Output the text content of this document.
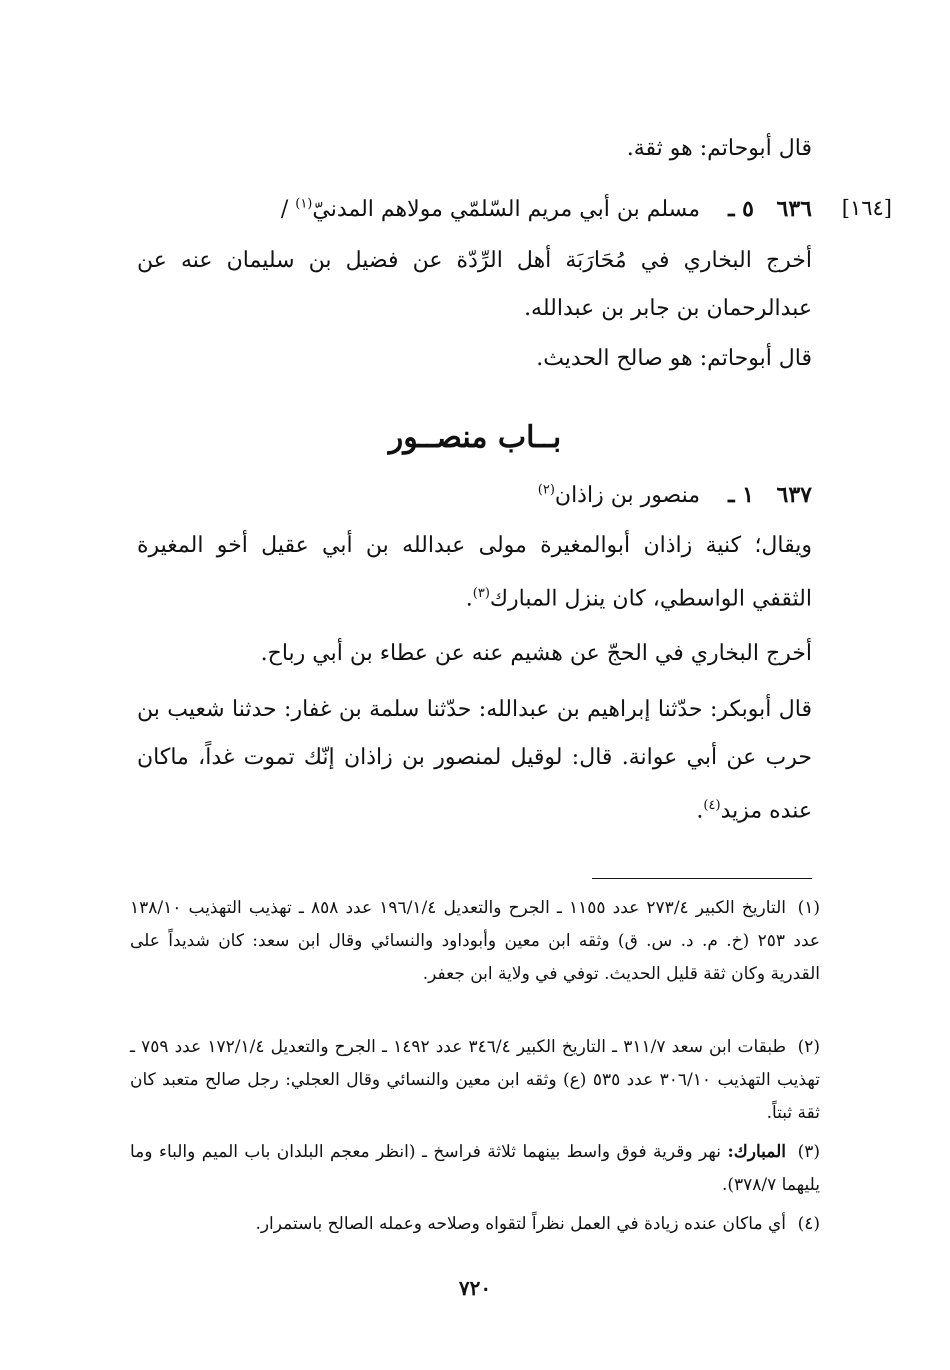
قال أبوحاتم: هو ثقة.
[١٦٤]
٦٣٦
٥ ـ  مسلم بن أبي مريم السّلمّي مولاهم المدنيّ$^{(١)}$ /
أخرج البخاري في مُحَارَبَة أهل الرِّدّة عن فضيل بن سليمان عنه عن عبدالرحمان بن جابر بن عبدالله.
قال أبوحاتم: هو صالح الحديث.
بــاب منصــور
٦٣٧
١ ـ  منصور بن زاذان$^{(٢)}$
ويقال؛ كنية زاذان أبوالمغيرة مولى عبدالله بن أبي عقيل أخو المغيرة الثقفي الواسطي، كان ينزل المبارك$^{(٣)}$.
أخرج البخاري في الحجّ عن هشيم عنه عن عطاء بن أبي رباح.
قال أبوبكر: حدّثنا إبراهيم بن عبدالله: حدّثنا سلمة بن غفار: حدثنا شعيب بن حرب عن أبي عوانة. قال: لوقيل لمنصور بن زاذان إنّك تموت غداً، ماكان عنده مزيد$^{(٤)}$.
(١)التاريخ الكبير ٢٧٣/٤ عدد ١١٥٥ ـ الجرح والتعديل ١٩٦/١/٤ عدد ٨٥٨ ـ تهذيب التهذيب ١٣٨/١٠ عدد ٢٥٣ (خ. م. د. س. ق) وثقه ابن معين وأبوداود والنسائي وقال ابن سعد: كان شديداً على القدرية وكان ثقة قليل الحديث. توفي في ولاية ابن جعفر.
(٢)طبقات ابن سعد ٣١١/٧ ـ التاريخ الكبير ٣٤٦/٤ عدد ١٤٩٢ ـ الجرح والتعديل ١٧٢/١/٤ عدد ٧٥٩ ـ تهذيب التهذيب ٣٠٦/١٠ عدد ٥٣٥ (ع) وثقه ابن معين والنسائي وقال العجلي: رجل صالح متعبد كان ثقة ثبتاً.
(٣)المبارك: نهر وقرية فوق واسط بينهما ثلاثة فراسخ ـ (انظر معجم البلدان باب الميم والباء وما يليهما ٣٧٨/٧).
(٤)أي ماكان عنده زيادة في العمل نظراً لتقواه وصلاحه وعمله الصالح باستمرار.
٧٢٠
